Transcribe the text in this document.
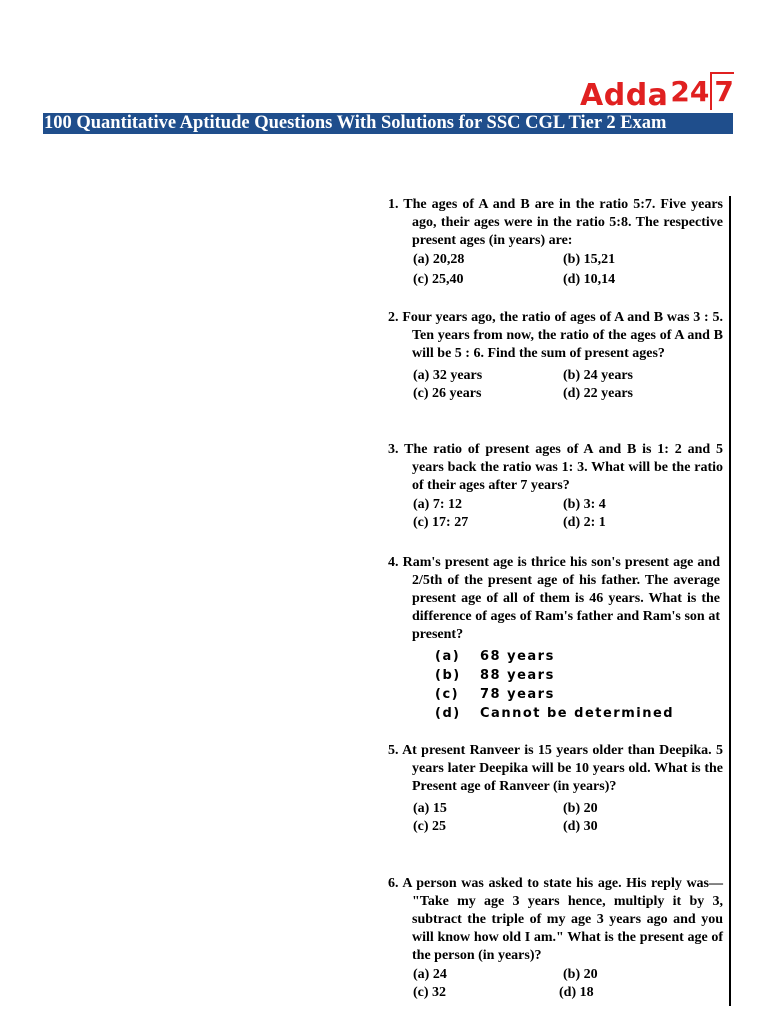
Adda 24 7
100 Quantitative Aptitude Questions With Solutions for SSC CGL Tier 2 Exam
1. The ages of A and B are in the ratio 5:7. Five years ago, their ages were in the ratio 5:8. The respective present ages (in years) are:
(a) 20,28	(b) 15,21
(c) 25,40	(d) 10,14
2. Four years ago, the ratio of ages of A and B was 3 : 5. Ten years from now, the ratio of the ages of A and B will be 5 : 6. Find the sum of present ages?
(a) 32 years	(b) 24 years
(c) 26 years	(d) 22 years
3. The ratio of present ages of A and B is 1: 2 and 5 years back the ratio was 1: 3. What will be the ratio of their ages after 7 years?
(a) 7: 12	(b) 3: 4
(c) 17: 27	(d) 2: 1
4. Ram's present age is thrice his son's present age and 2/5th of the present age of his father. The average present age of all of them is 46 years. What is the difference of ages of Ram's father and Ram's son at present?
(a)	68 years
(b)	88 years
(c)	78 years
(d)	Cannot be determined
5. At present Ranveer is 15 years older than Deepika. 5 years later Deepika will be 10 years old. What is the Present age of Ranveer (in years)?
(a) 15	(b) 20
(c) 25	(d) 30
6. A person was asked to state his age. His reply was— "Take my age 3 years hence, multiply it by 3, subtract the triple of my age 3 years ago and you will know how old I am." What is the present age of the person (in years)?
(a) 24	(b) 20
(c) 32	(d) 18
